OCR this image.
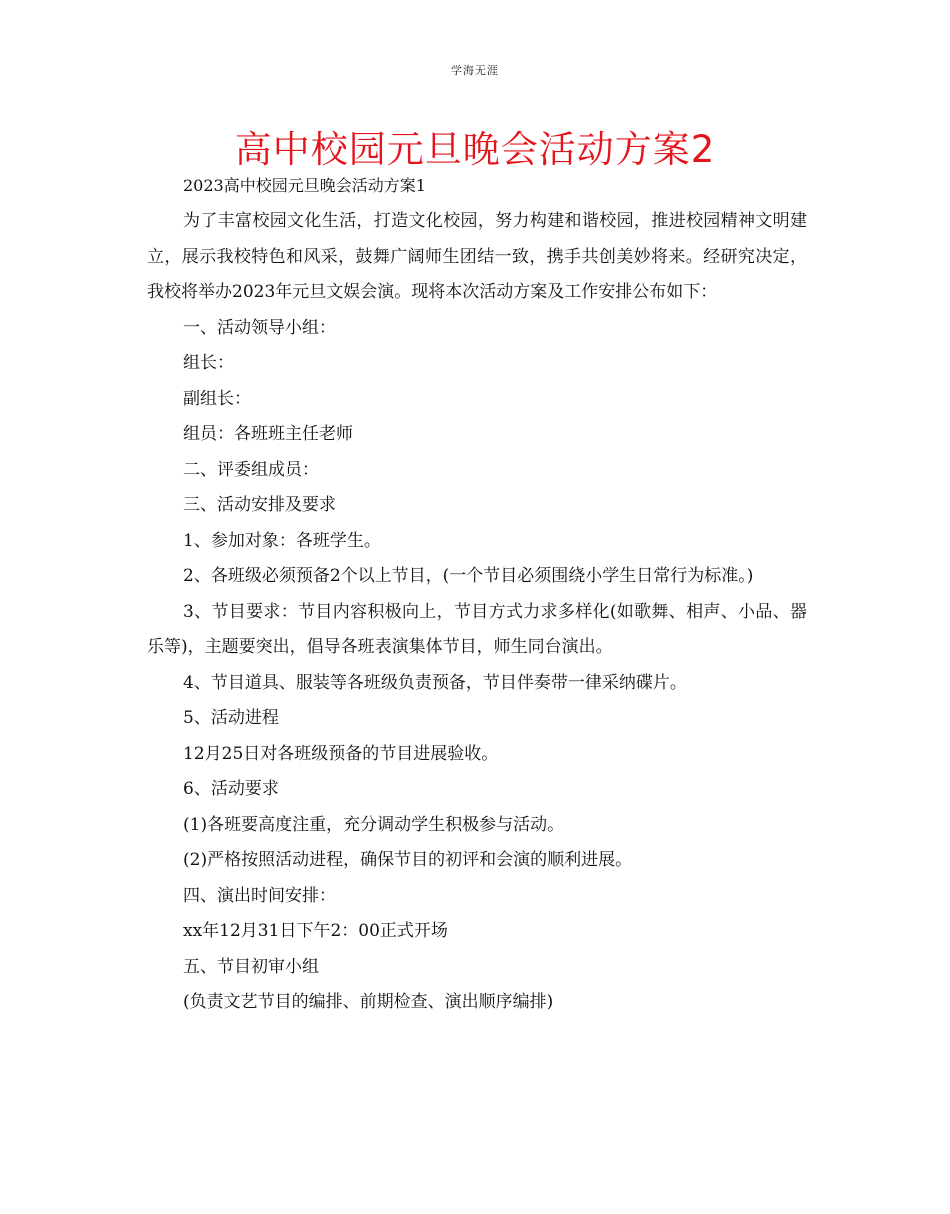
学海无涯
高中校园元旦晚会活动方案2
2023高中校园元旦晚会活动方案1

为了丰富校园文化生活，打造文化校园，努力构建和谐校园，推进校园精神文明建立，展示我校特色和风采，鼓舞广阔师生团结一致，携手共创美妙将来。经研究决定，我校将举办2023年元旦文娱会演。现将本次活动方案及工作安排公布如下：

一、活动领导小组：

组长：

副组长：

组员：各班班主任老师

二、评委组成员：

三、活动安排及要求

1、参加对象：各班学生。

2、各班级必须预备2个以上节目，(一个节目必须围绕小学生日常行为标准。)

3、节目要求：节目内容积极向上，节目方式力求多样化(如歌舞、相声、小品、器乐等)，主题要突出，倡导各班表演集体节目，师生同台演出。

4、节目道具、服装等各班级负责预备，节目伴奏带一律采纳碟片。

5、活动进程

12月25日对各班级预备的节目进展验收。

6、活动要求

(1)各班要高度注重，充分调动学生积极参与活动。

(2)严格按照活动进程，确保节目的初评和会演的顺利进展。

四、演出时间安排：

xx年12月31日下午2：00正式开场

五、节目初审小组

(负责文艺节目的编排、前期检查、演出顺序编排)
